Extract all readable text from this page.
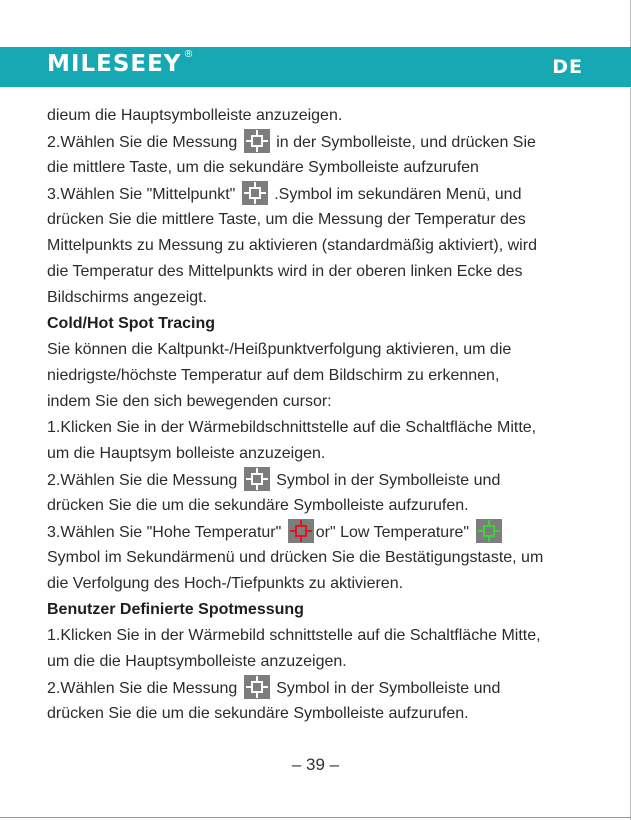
MILESEEY ®
DE
dieum die Hauptsymbolleiste anzuzeigen.
2.Wählen Sie die Messung
in der Symbolleiste, und drücken Sie
die mittlere Taste, um die sekundäre Symbolleiste aufzurufen
3.Wählen Sie "Mittelpunkt"
.Symbol im sekundären Menü, und
drücken Sie die mittlere Taste, um die Messung der Temperatur des
Mittelpunkts zu Messung zu aktivieren (standardmäßig aktiviert), wird
die Temperatur des Mittelpunkts wird in der oberen linken Ecke des
Bildschirms angezeigt.
Cold/Hot Spot Tracing
Sie können die Kaltpunkt-/Heißpunktverfolgung aktivieren, um die
niedrigste/höchste Temperatur auf dem Bildschirm zu erkennen,
indem Sie den sich bewegenden cursor:
1.Klicken Sie in der Wärmebildschnittstelle auf die Schaltfläche Mitte,
um die Hauptsym bolleiste anzuzeigen.
2.Wählen Sie die Messung
Symbol in der Symbolleiste und
drücken Sie die um die sekundäre Symbolleiste aufzurufen.
3.Wählen Sie "Hohe Temperatur"
or" Low Temperature"
Symbol im Sekundärmenü und drücken Sie die Bestätigungstaste, um
die Verfolgung des Hoch-/Tiefpunkts zu aktivieren.
Benutzer Definierte Spotmessung
1.Klicken Sie in der Wärmebild schnittstelle auf die Schaltfläche Mitte,
um die die Hauptsymbolleiste anzuzeigen.
2.Wählen Sie die Messung
Symbol in der Symbolleiste und
drücken Sie die um die sekundäre Symbolleiste aufzurufen.
– 39 –
